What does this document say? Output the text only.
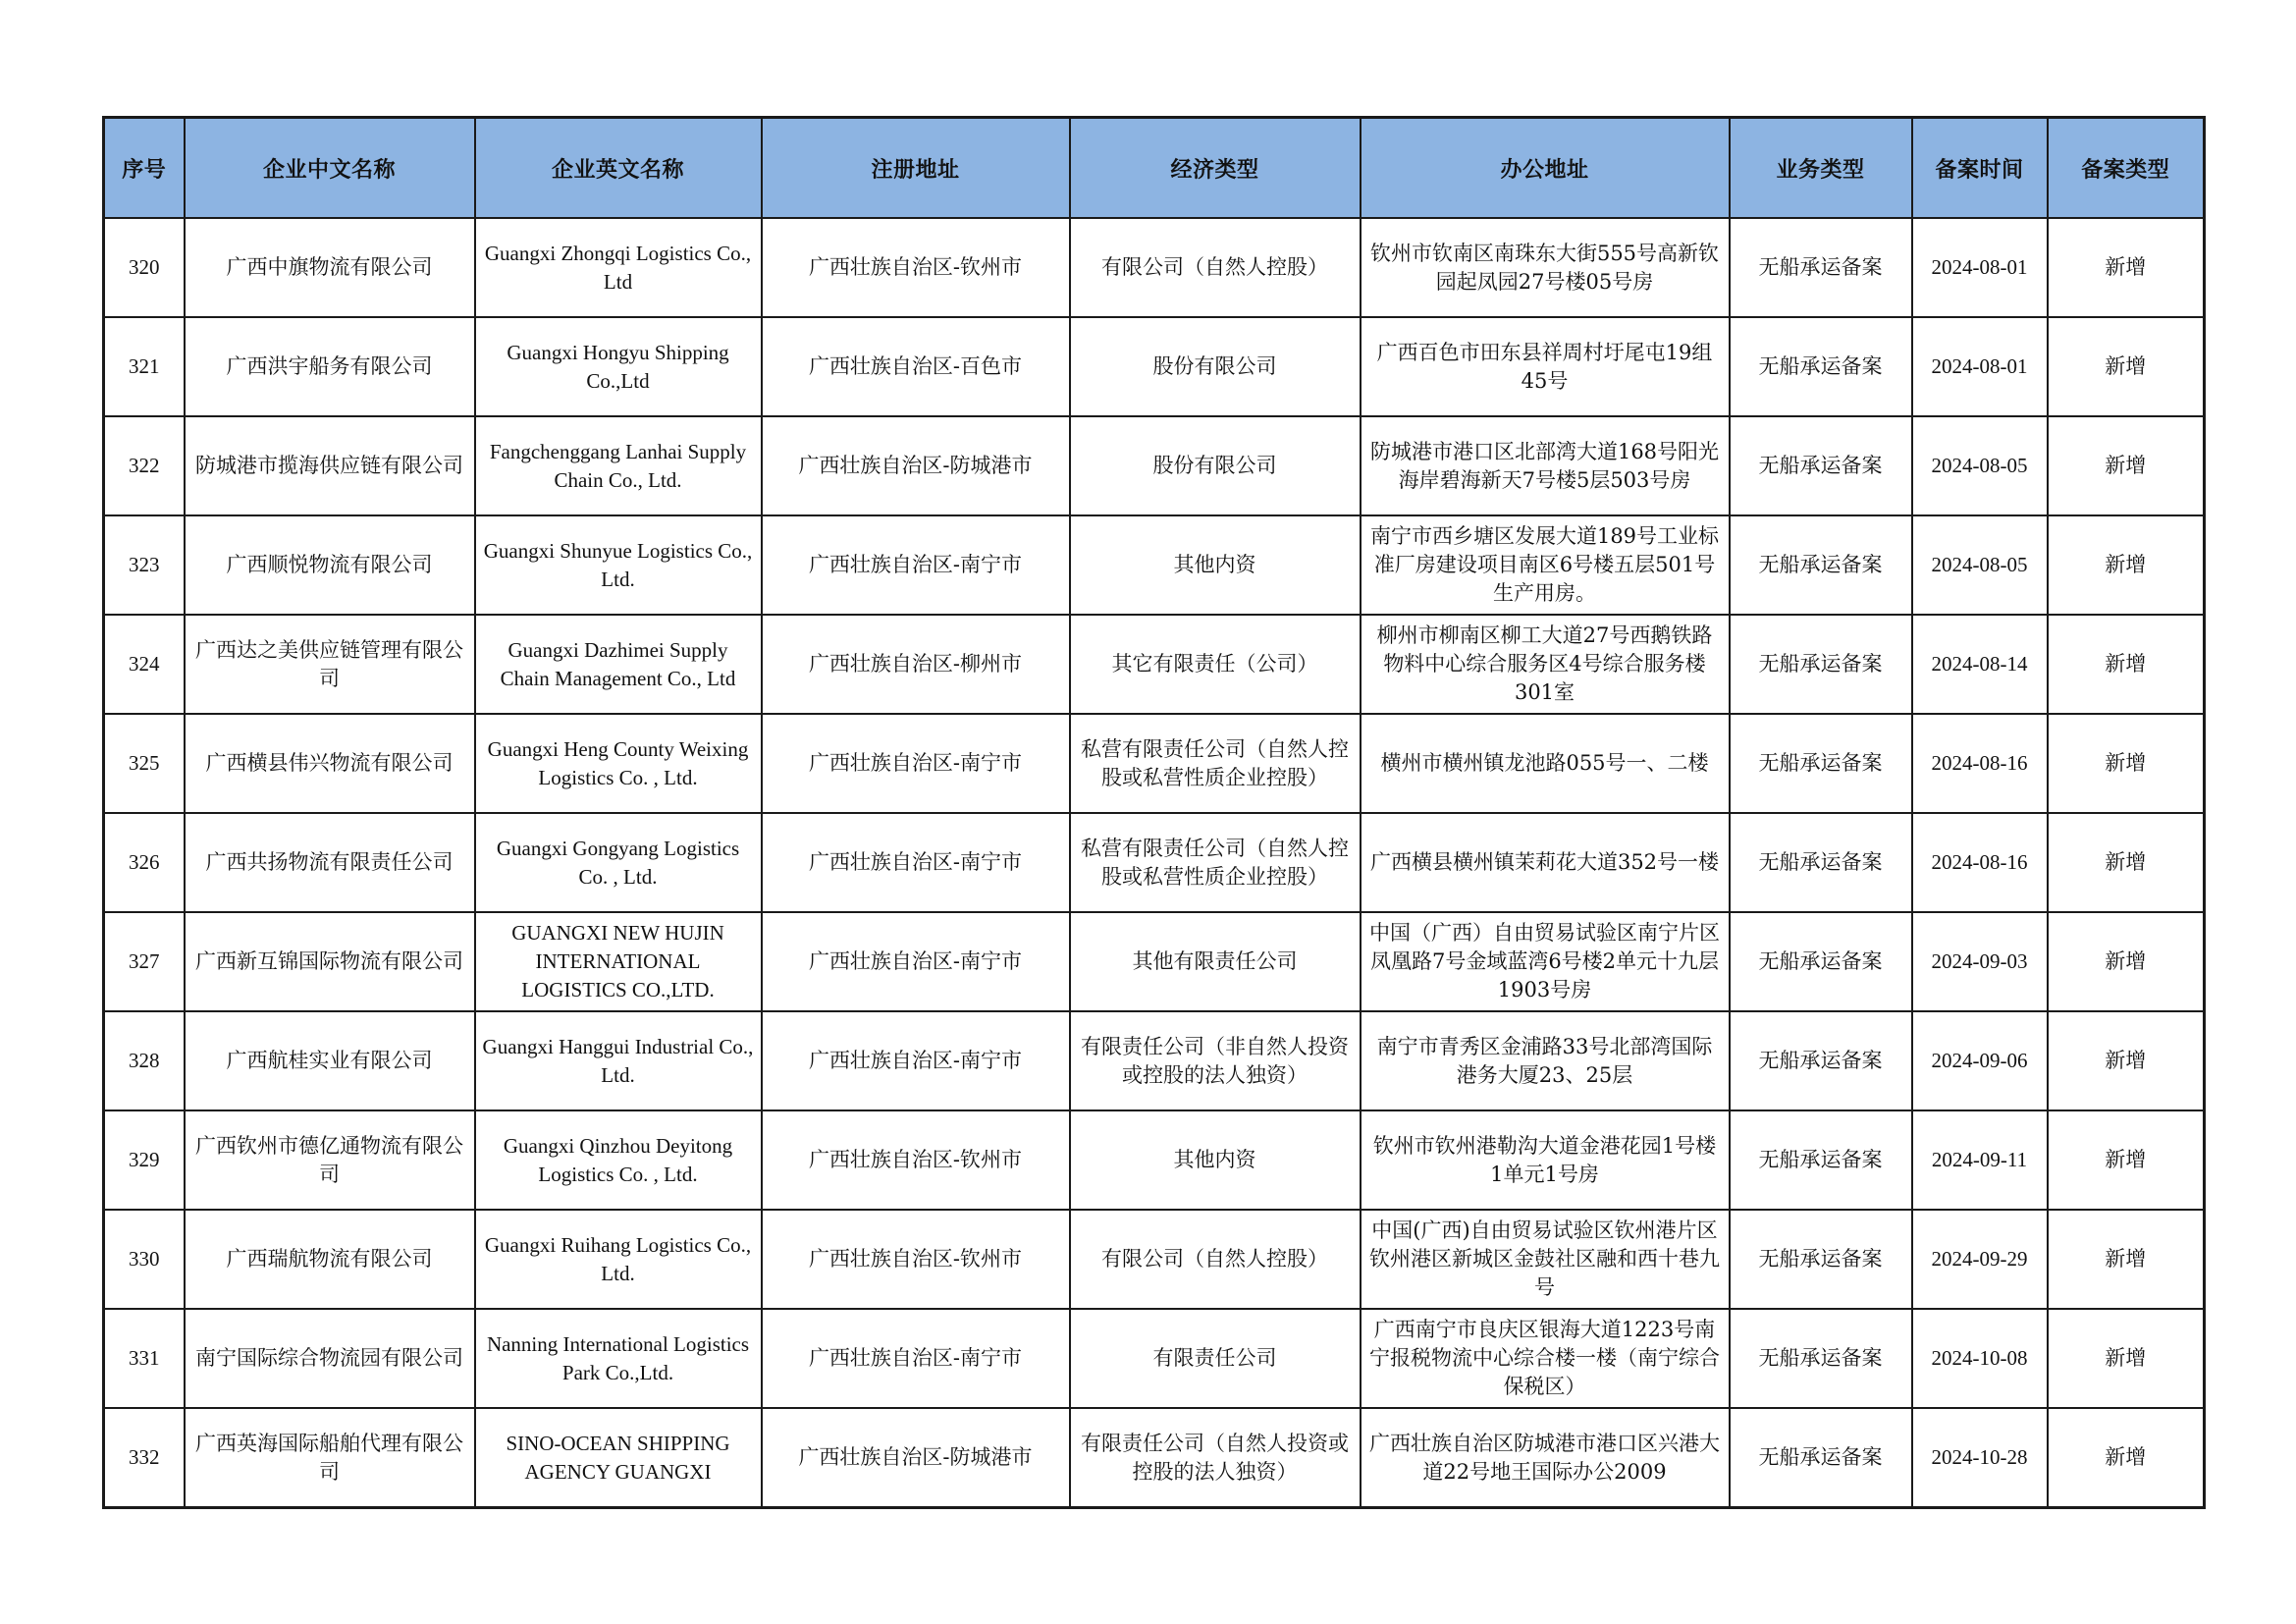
序号	企业中文名称	企业英文名称	注册地址	经济类型	办公地址	业务类型	备案时间	备案类型
320	广西中旗物流有限公司	Guangxi Zhongqi Logistics Co., Ltd	广西壮族自治区-钦州市	有限公司（自然人控股）	钦州市钦南区南珠东大街555号高新钦园起凤园27号楼05号房	无船承运备案	2024-08-01	新增
321	广西洪宇船务有限公司	Guangxi Hongyu Shipping Co.,Ltd	广西壮族自治区-百色市	股份有限公司	广西百色市田东县祥周村圩尾屯19组45号	无船承运备案	2024-08-01	新增
322	防城港市揽海供应链有限公司	Fangchenggang Lanhai Supply Chain Co., Ltd.	广西壮族自治区-防城港市	股份有限公司	防城港市港口区北部湾大道168号阳光海岸碧海新天7号楼5层503号房	无船承运备案	2024-08-05	新增
323	广西顺悦物流有限公司	Guangxi Shunyue Logistics Co., Ltd.	广西壮族自治区-南宁市	其他内资	南宁市西乡塘区发展大道189号工业标准厂房建设项目南区6号楼五层501号生产用房。	无船承运备案	2024-08-05	新增
324	广西达之美供应链管理有限公司	Guangxi Dazhimei Supply Chain Management Co., Ltd	广西壮族自治区-柳州市	其它有限责任（公司）	柳州市柳南区柳工大道27号西鹅铁路物料中心综合服务区4号综合服务楼301室	无船承运备案	2024-08-14	新增
325	广西横县伟兴物流有限公司	Guangxi Heng County Weixing Logistics Co. , Ltd.	广西壮族自治区-南宁市	私营有限责任公司（自然人控股或私营性质企业控股）	横州市横州镇龙池路055号一、二楼	无船承运备案	2024-08-16	新增
326	广西共扬物流有限责任公司	Guangxi Gongyang Logistics Co. , Ltd.	广西壮族自治区-南宁市	私营有限责任公司（自然人控股或私营性质企业控股）	广西横县横州镇茉莉花大道352号一楼	无船承运备案	2024-08-16	新增
327	广西新互锦国际物流有限公司	GUANGXI NEW HUJIN INTERNATIONAL LOGISTICS CO.,LTD.	广西壮族自治区-南宁市	其他有限责任公司	中国（广西）自由贸易试验区南宁片区凤凰路7号金域蓝湾6号楼2单元十九层1903号房	无船承运备案	2024-09-03	新增
328	广西航桂实业有限公司	Guangxi Hanggui Industrial Co., Ltd.	广西壮族自治区-南宁市	有限责任公司（非自然人投资或控股的法人独资）	南宁市青秀区金浦路33号北部湾国际港务大厦23、25层	无船承运备案	2024-09-06	新增
329	广西钦州市德亿通物流有限公司	Guangxi Qinzhou Deyitong Logistics Co. , Ltd.	广西壮族自治区-钦州市	其他内资	钦州市钦州港勒沟大道金港花园1号楼1单元1号房	无船承运备案	2024-09-11	新增
330	广西瑞航物流有限公司	Guangxi Ruihang Logistics Co., Ltd.	广西壮族自治区-钦州市	有限公司（自然人控股）	中国(广西)自由贸易试验区钦州港片区钦州港区新城区金鼓社区融和西十巷九号	无船承运备案	2024-09-29	新增
331	南宁国际综合物流园有限公司	Nanning International Logistics Park Co.,Ltd.	广西壮族自治区-南宁市	有限责任公司	广西南宁市良庆区银海大道1223号南宁报税物流中心综合楼一楼（南宁综合保税区）	无船承运备案	2024-10-08	新增
332	广西英海国际船舶代理有限公司	SINO-OCEAN SHIPPING AGENCY GUANGXI	广西壮族自治区-防城港市	有限责任公司（自然人投资或控股的法人独资）	广西壮族自治区防城港市港口区兴港大道22号地王国际办公2009	无船承运备案	2024-10-28	新增
